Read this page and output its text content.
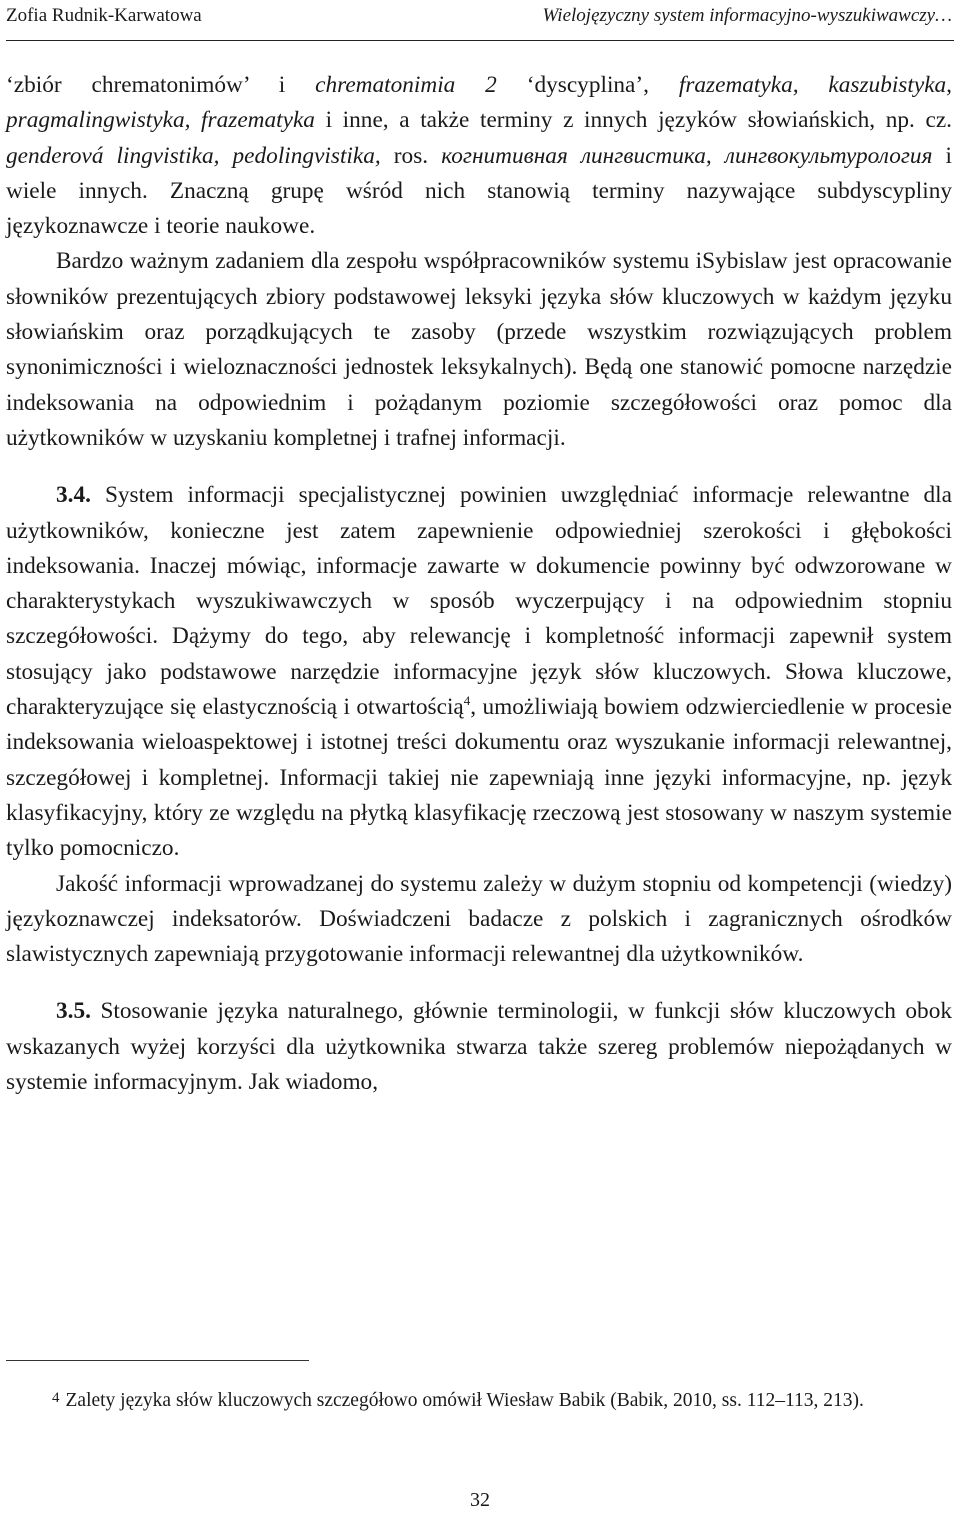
Zofia Rudnik-Karwatowa	Wielojęzyczny system informacyjno-wyszukiwawczy…

‘zbiór chrematonimów’ i chrematonimia 2 ‘dyscyplina’, frazematyka, kaszubistyka, pragmalingwistyka, frazematyka i inne, a także terminy z innych języków słowiańskich, np. cz. genderová lingvistika, pedolingvistika, ros. когнитивная лингвистика, лингвокультурология i wiele innych. Znaczną grupę wśród nich stanowią terminy nazywające subdyscypliny językoznawcze i teorie naukowe.

Bardzo ważnym zadaniem dla zespołu współpracowników systemu iSybislaw jest opracowanie słowników prezentujących zbiory podstawowej leksyki języka słów kluczowych w każdym języku słowiańskim oraz porządkujących te zasoby (przede wszystkim rozwiązujących problem synonimiczności i wieloznaczności jednostek leksykalnych). Będą one stanowić pomocne narzędzie indeksowania na odpowiednim i pożądanym poziomie szczegółowości oraz pomoc dla użytkowników w uzyskaniu kompletnej i trafnej informacji.

3.4. System informacji specjalistycznej powinien uwzględniać informacje relewantne dla użytkowników, konieczne jest zatem zapewnienie odpowiedniej szerokości i głębokości indeksowania. Inaczej mówiąc, informacje zawarte w dokumencie powinny być odwzorowane w charakterystykach wyszukiwawczych w sposób wyczerpujący i na odpowiednim stopniu szczegółowości. Dążymy do tego, aby relewancję i kompletność informacji zapewnił system stosujący jako podstawowe narzędzie informacyjne język słów kluczowych. Słowa kluczowe, charakteryzujące się elastycznością i otwartością$^4$, umożliwiają bowiem odzwierciedlenie w procesie indeksowania wieloaspektowej i istotnej treści dokumentu oraz wyszukanie informacji relewantnej, szczegółowej i kompletnej. Informacji takiej nie zapewniają inne języki informacyjne, np. język klasyfikacyjny, który ze względu na płytką klasyfikację rzeczową jest stosowany w naszym systemie tylko pomocniczo.

Jakość informacji wprowadzanej do systemu zależy w dużym stopniu od kompetencji (wiedzy) językoznawczej indeksatorów. Doświadczeni badacze z polskich i zagranicznych ośrodków slawistycznych zapewniają przygotowanie informacji relewantnej dla użytkowników.

3.5. Stosowanie języka naturalnego, głównie terminologii, w funkcji słów kluczowych obok wskazanych wyżej korzyści dla użytkownika stwarza także szereg problemów niepożądanych w systemie informacyjnym. Jak wiadomo,

$^4$ Zalety języka słów kluczowych szczegółowo omówił Wiesław Babik (Babik, 2010, ss. 112–113, 213).

32
